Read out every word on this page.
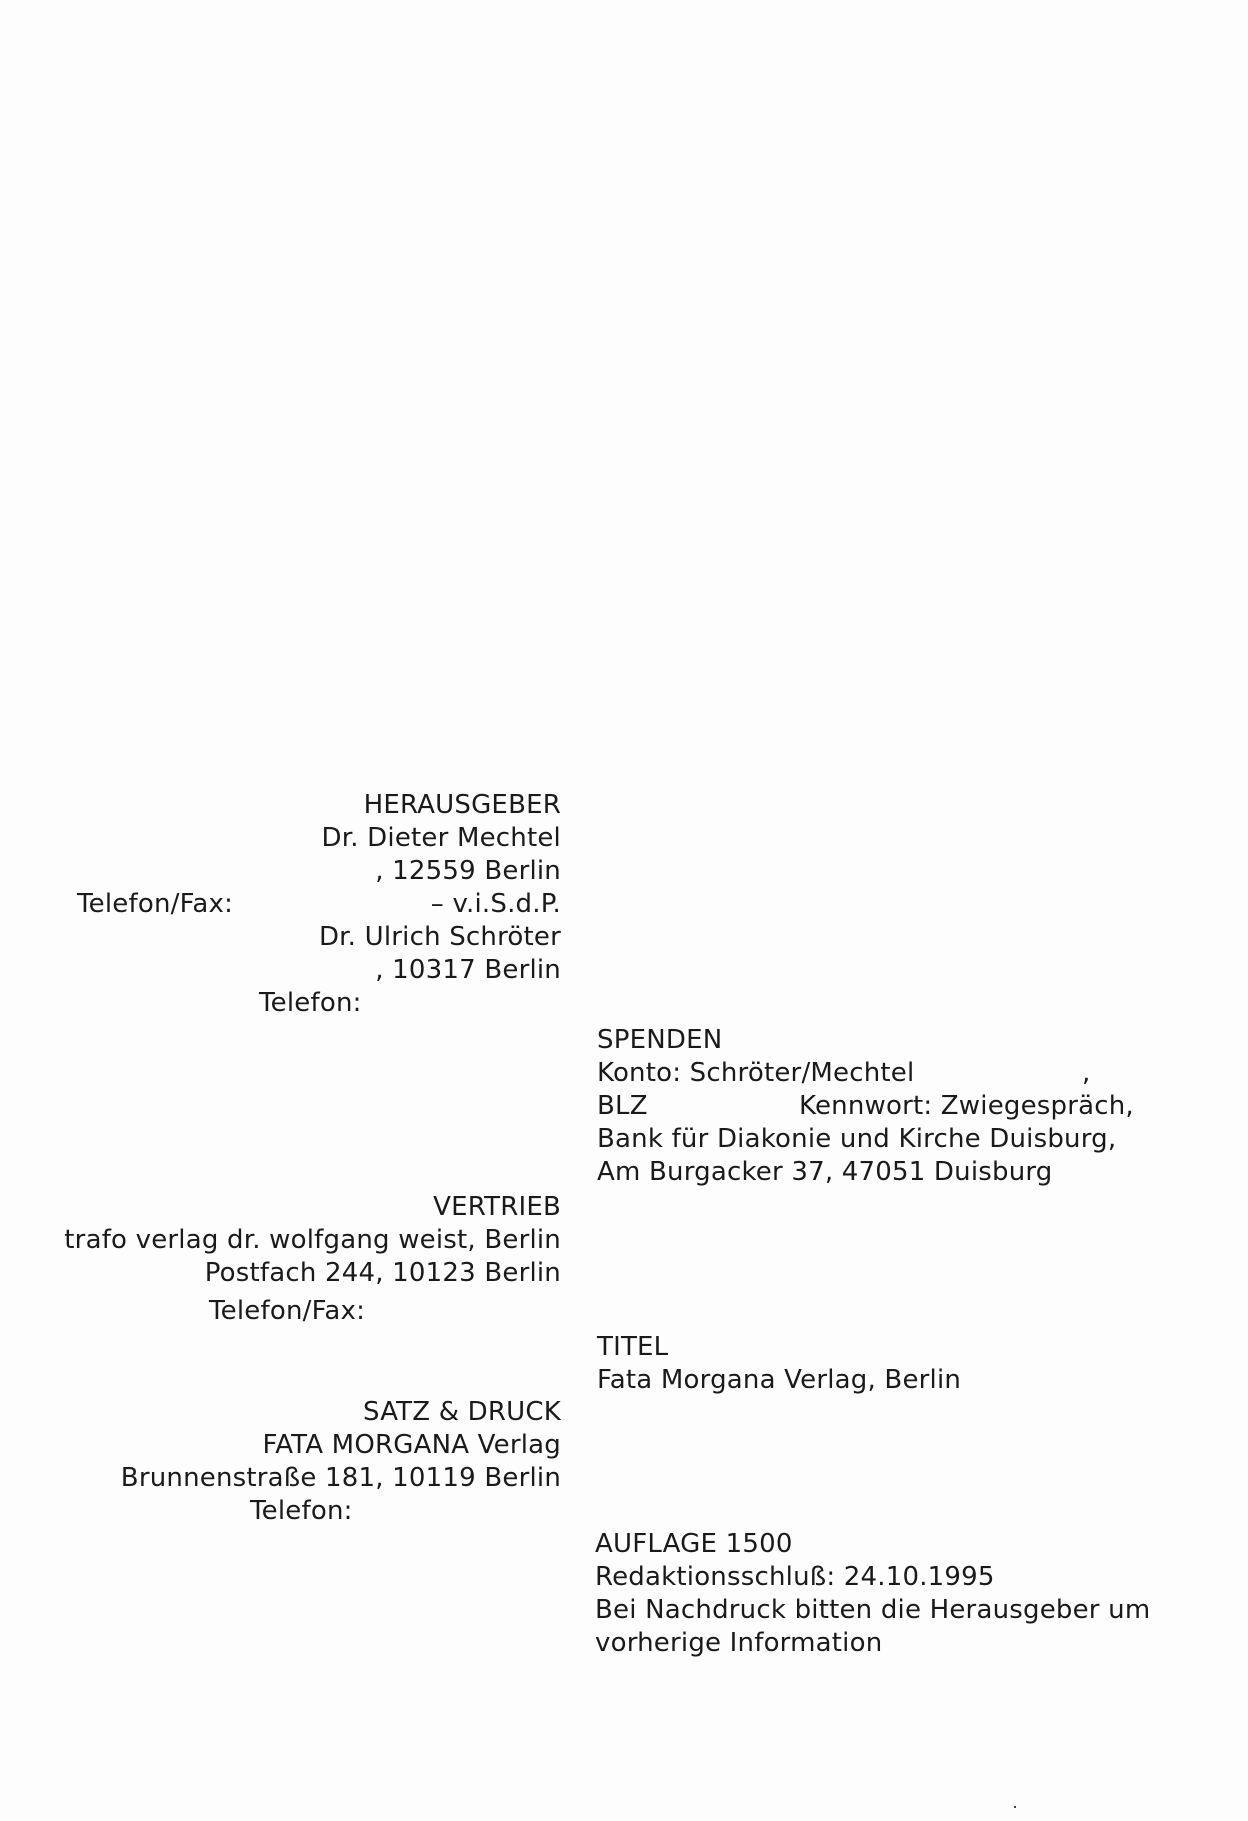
HERAUSGEBER
Dr. Dieter Mechtel
, 12559 Berlin
Telefon/Fax:	– v.i.S.d.P.
Dr. Ulrich Schröter
, 10317 Berlin
Telefon:
VERTRIEB
trafo verlag dr. wolfgang weist, Berlin
Postfach 244, 10123 Berlin
Telefon/Fax:
SATZ & DRUCK
FATA MORGANA Verlag
Brunnenstraße 181, 10119 Berlin
Telefon:
SPENDEN
Konto: Schröter/Mechtel	,
BLZ	Kennwort: Zwiegespräch,
Bank für Diakonie und Kirche Duisburg,
Am Burgacker 37, 47051 Duisburg
TITEL
Fata Morgana Verlag, Berlin
AUFLAGE 1500
Redaktionsschluß: 24.10.1995
Bei Nachdruck bitten die Herausgeber um
vorherige Information
